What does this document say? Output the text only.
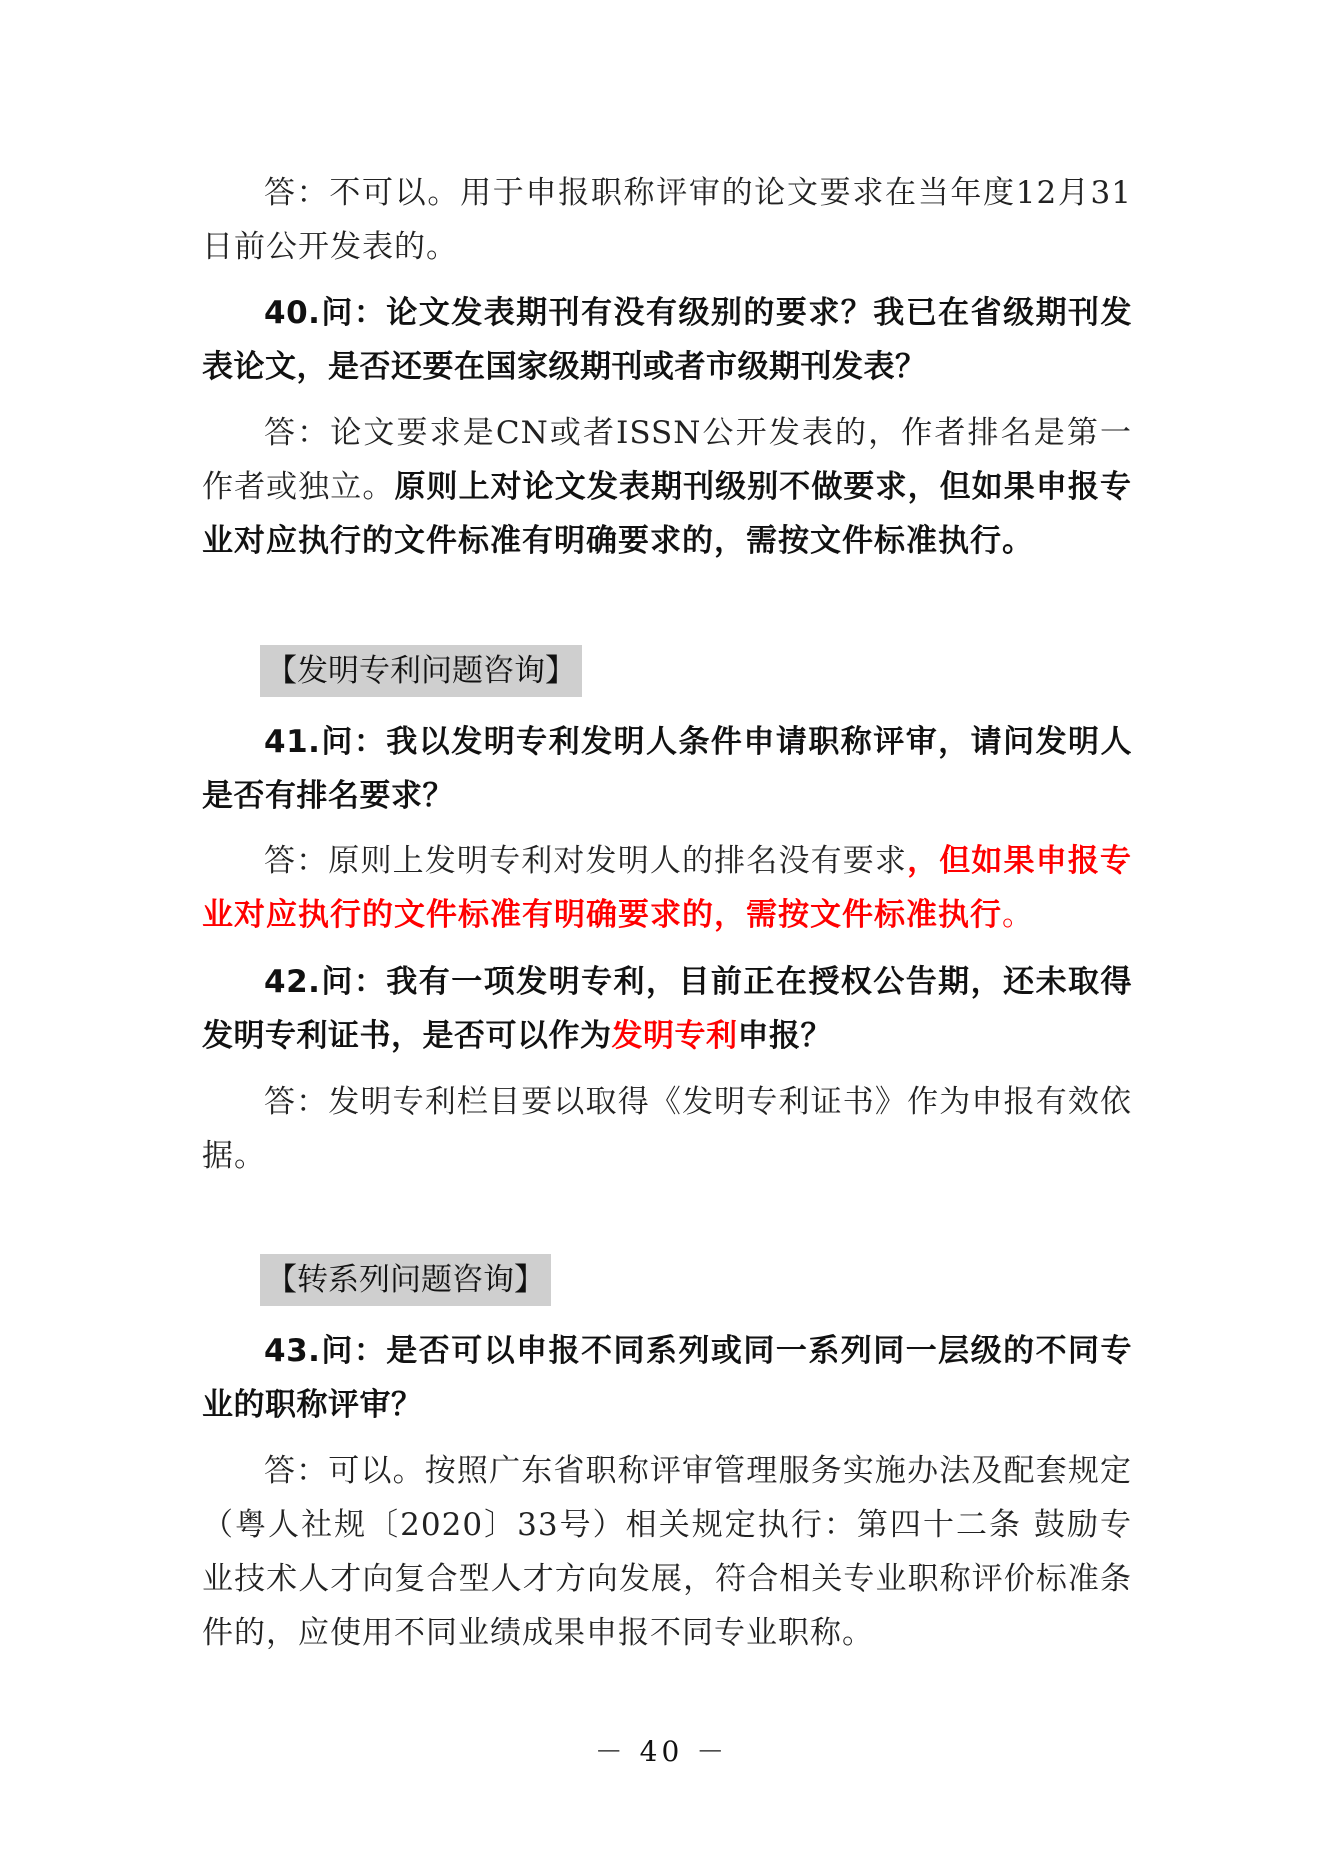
答：不可以。用于申报职称评审的论文要求在当年度12月31日前公开发表的。

40.问：论文发表期刊有没有级别的要求？我已在省级期刊发表论文，是否还要在国家级期刊或者市级期刊发表？

答：论文要求是CN或者ISSN公开发表的，作者排名是第一作者或独立。原则上对论文发表期刊级别不做要求，但如果申报专业对应执行的文件标准有明确要求的，需按文件标准执行。

【发明专利问题咨询】

41.问：我以发明专利发明人条件申请职称评审，请问发明人是否有排名要求？

答：原则上发明专利对发明人的排名没有要求，但如果申报专业对应执行的文件标准有明确要求的，需按文件标准执行。

42.问：我有一项发明专利，目前正在授权公告期，还未取得发明专利证书，是否可以作为发明专利申报？

答：发明专利栏目要以取得《发明专利证书》作为申报有效依据。

【转系列问题咨询】

43.问：是否可以申报不同系列或同一系列同一层级的不同专业的职称评审？

答：可以。按照广东省职称评审管理服务实施办法及配套规定（粤人社规〔2020〕33号）相关规定执行：第四十二条 鼓励专业技术人才向复合型人才方向发展，符合相关专业职称评价标准条件的，应使用不同业绩成果申报不同专业职称。

－ 40 －
